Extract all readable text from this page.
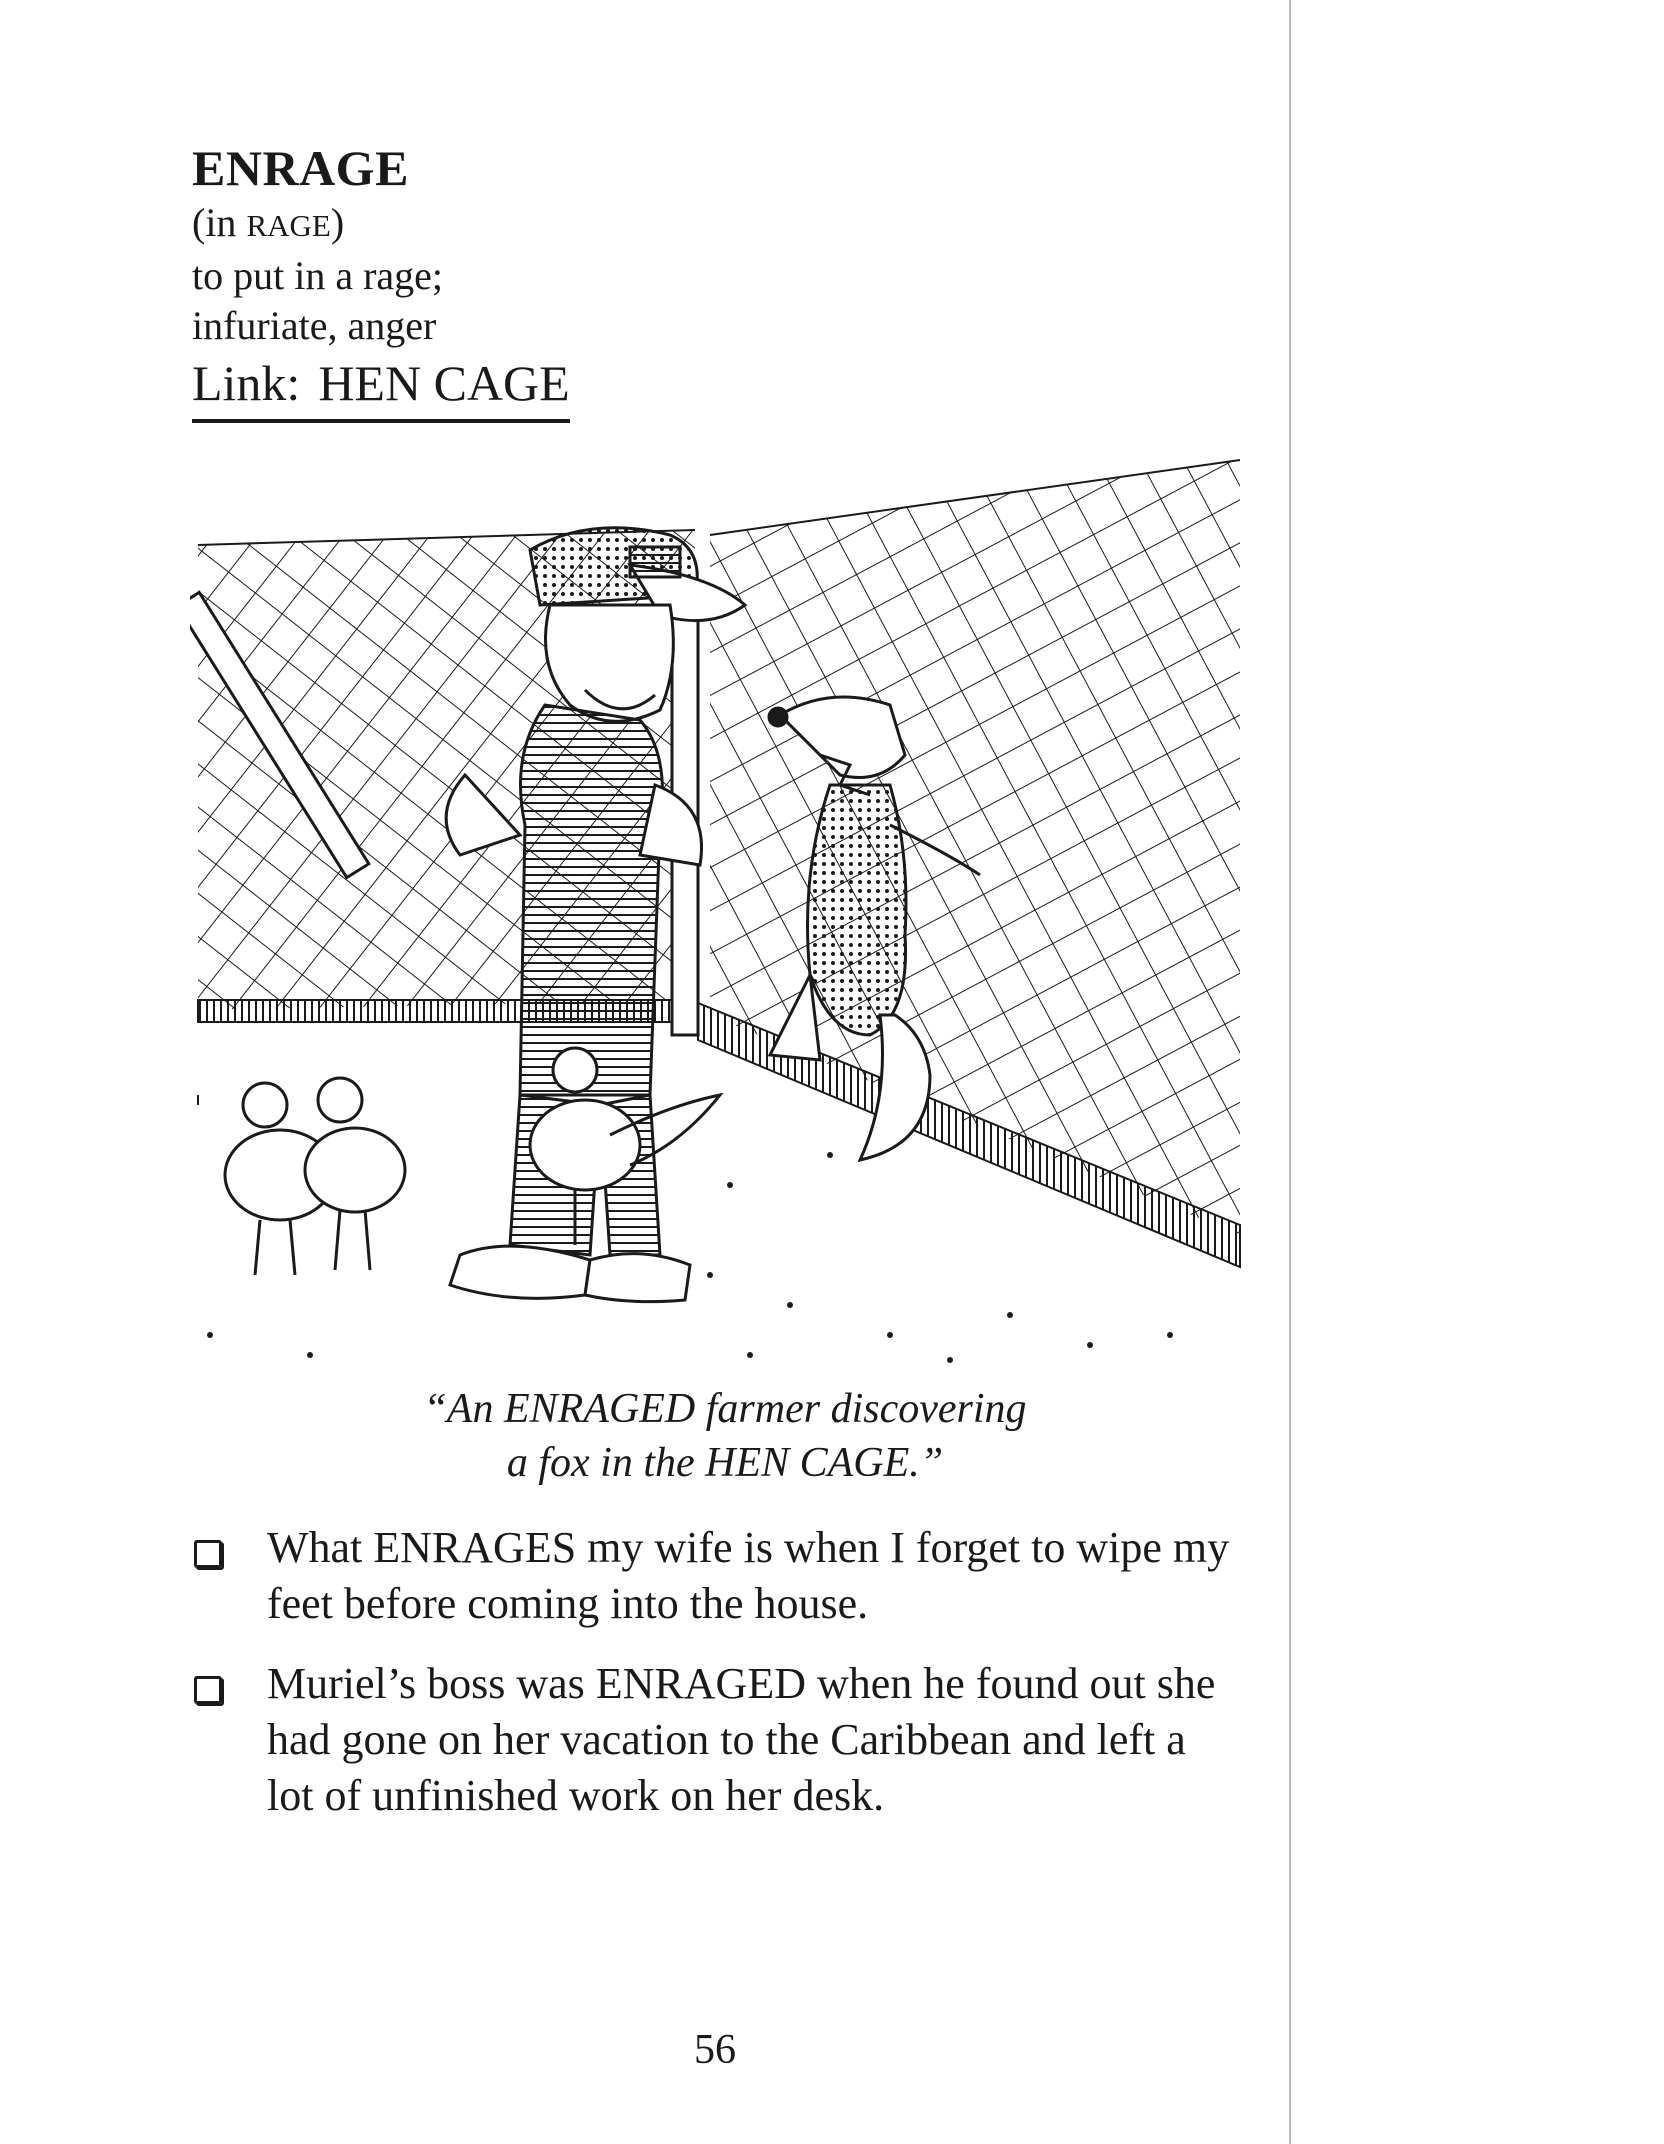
ENRAGE
(in RAGE)
to put in a rage;
infuriate, anger
Link: HEN CAGE
“An ENRAGED farmer discovering
a fox in the HEN CAGE.”
What ENRAGES my wife is when I forget to wipe my feet before coming into the house.
Muriel’s boss was ENRAGED when he found out she had gone on her vacation to the Caribbean and left a lot of unfinished work on her desk.
56
